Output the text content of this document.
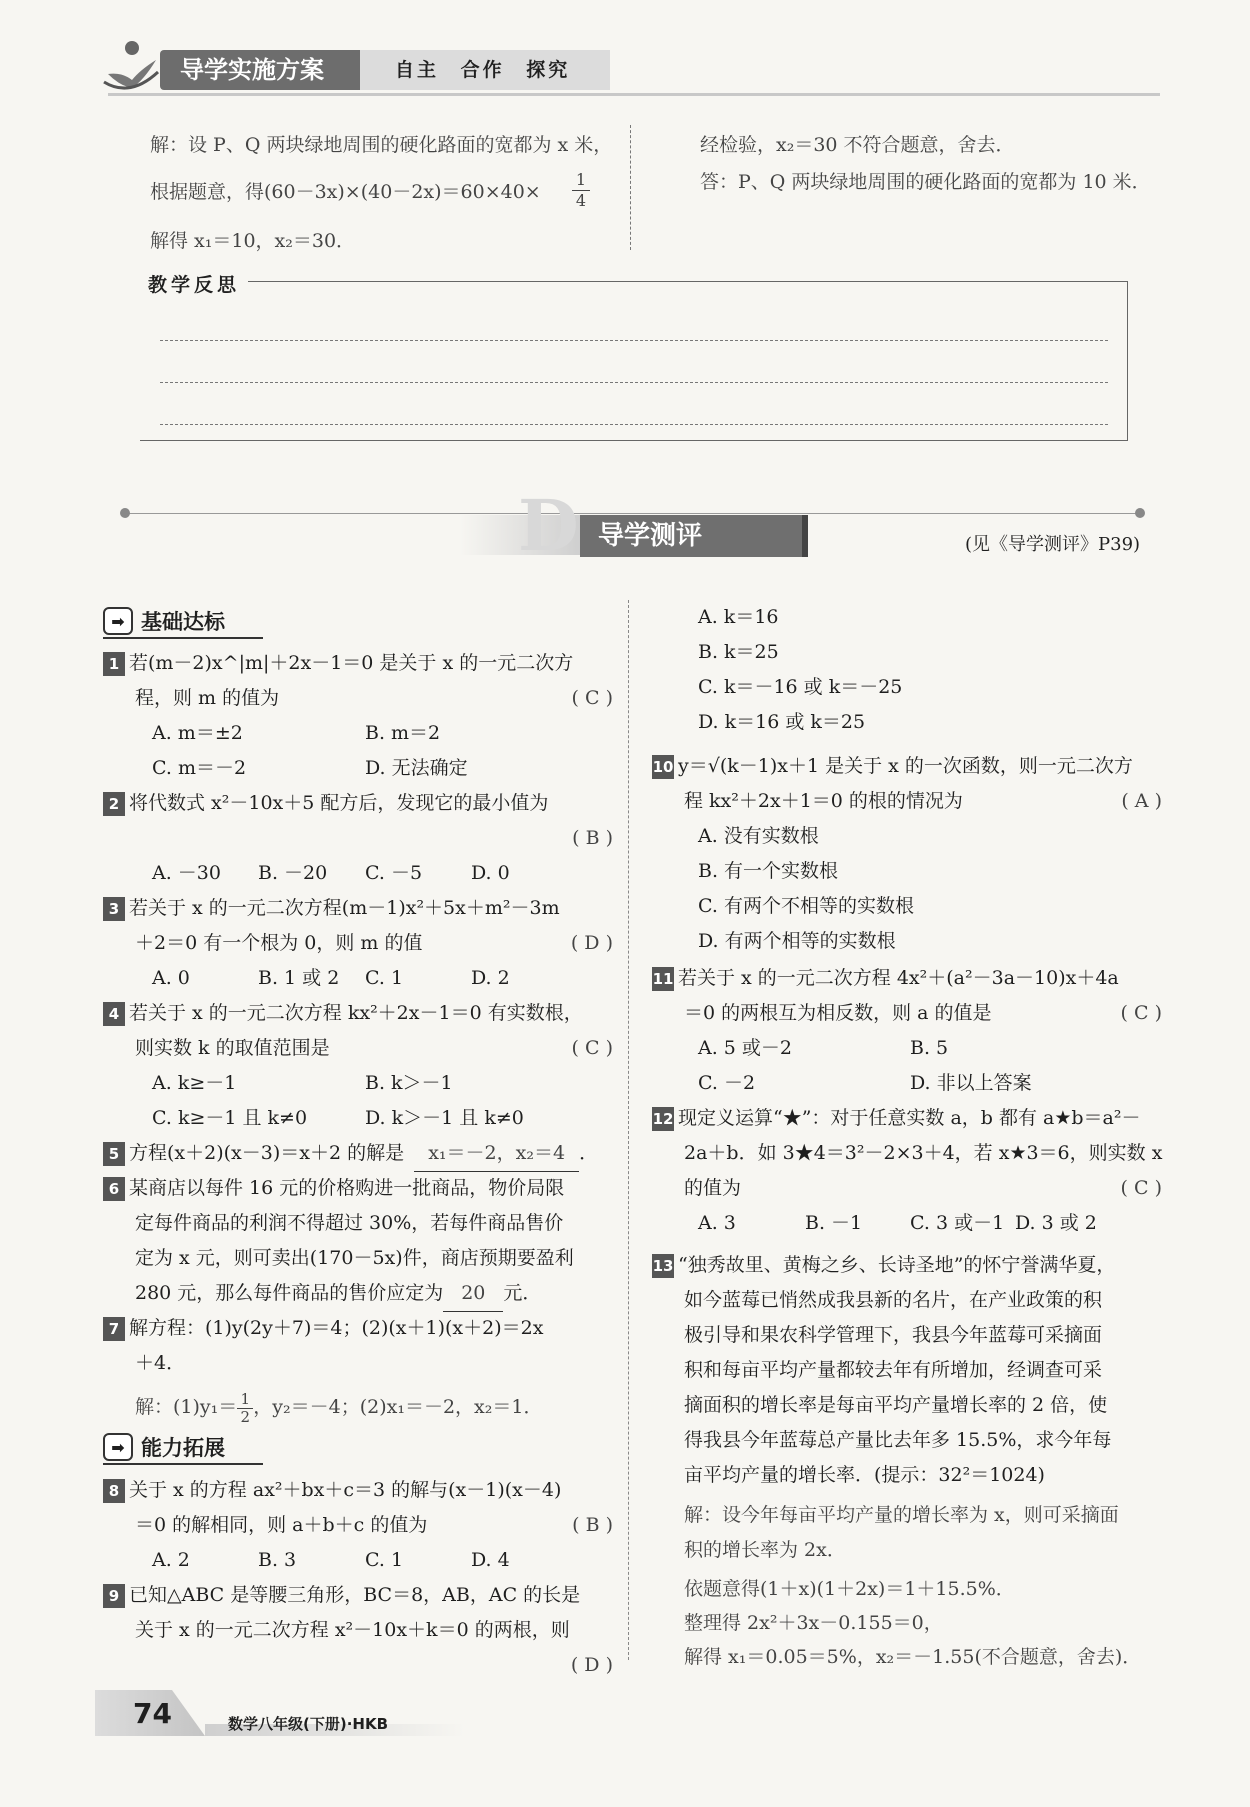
导学实施方案	自主 合作 探究
解：设 P、Q 两块绿地周围的硬化路面的宽都为 x 米，
根据题意，得$(60-3x)\times(40-2x)=60\times 40\times \frac{1}{4}$
解得 x₁＝10，x₂＝30．
经检验，x₂＝30 不符合题意，舍去．
答：P、Q 两块绿地周围的硬化路面的宽都为 10 米．
教学反思
D 导学测评	(见《导学测评》P39)
➡ 基础达标
1 若(m－2)x^|m|＋2x－1＝0 是关于 x 的一元二次方
程，则 m 的值为	( C )
A. m＝±2	B. m＝2
C. m＝－2	D. 无法确定
2 将代数式 x²－10x＋5 配方后，发现它的最小值为
( B )
A. －30 B. －20 C. －5	D. 0
3 若关于 x 的一元二次方程(m－1)x²＋5x＋m²－3m
＋2＝0 有一个根为 0，则 m 的值	( D )
A. 0	B. 1 或 2 C. 1	D. 2
4 若关于 x 的一元二次方程 kx²＋2x－1＝0 有实数根，
则实数 k 的取值范围是	( C )
A. k≥－1	B. k＞－1
C. k≥－1 且 k≠0	D. k＞－1 且 k≠0
5 方程(x＋2)(x－3)＝x＋2 的解是 x₁＝－2，x₂＝4 ．
6 某商店以每件 16 元的价格购进一批商品，物价局限
定每件商品的利润不得超过 30%，若每件商品售价
定为 x 元，则可卖出(170－5x)件，商店预期要盈利
280 元，那么每件商品的售价应定为 20 元．
7 解方程：(1)y(2y＋7)＝4；(2)(x＋1)(x＋2)＝2x
＋4．
解：$(1)y_1= \frac{1}{2}$ ，y₂＝－4；(2)x₁＝－2，x₂＝1．
➡ 能力拓展
8 关于 x 的方程 ax²＋bx＋c＝3 的解与(x－1)(x－4)
＝0 的解相同，则 a＋b＋c 的值为	( B )
A. 2	B. 3	C. 1	D. 4
9 已知△ABC 是等腰三角形，BC＝8，AB，AC 的长是
关于 x 的一元二次方程 x²－10x＋k＝0 的两根，则
( D )
A. k＝16
B. k＝25
C. k＝－16 或 k＝－25
D. k＝16 或 k＝25
10 y＝√(k－1)x＋1 是关于 x 的一次函数，则一元二次方
程 kx²＋2x＋1＝0 的根的情况为	( A )
A. 没有实数根
B. 有一个实数根
C. 有两个不相等的实数根
D. 有两个相等的实数根
11 若关于 x 的一元二次方程 4x²＋(a²－3a－10)x＋4a
＝0 的两根互为相反数，则 a 的值是	( C )
A. 5 或－2	B. 5
C. －2	D. 非以上答案
12 现定义运算“★”：对于任意实数 a，b 都有 a★b＝a²－
2a＋b．如 3★4＝3²－2×3＋4，若 x★3＝6，则实数 x
的值为	( C )
A. 3	B. －1	C. 3 或－1 D. 3 或 2
13 “独秀故里、黄梅之乡、长诗圣地”的怀宁誉满华夏，
如今蓝莓已悄然成我县新的名片，在产业政策的积
极引导和果农科学管理下，我县今年蓝莓可采摘面
积和每亩平均产量都较去年有所增加，经调查可采
摘面积的增长率是每亩平均产量增长率的 2 倍，使
得我县今年蓝莓总产量比去年多 15.5%，求今年每
亩平均产量的增长率．(提示：32²＝1024)
解：设今年每亩平均产量的增长率为 x，则可采摘面
积的增长率为 2x．
依题意得(1＋x)(1＋2x)＝1＋15.5%．
整理得 2x²＋3x－0.155＝0，
解得 x₁＝0.05＝5%，x₂＝－1.55(不合题意，舍去)．
74	数学八年级(下册)·HKB
